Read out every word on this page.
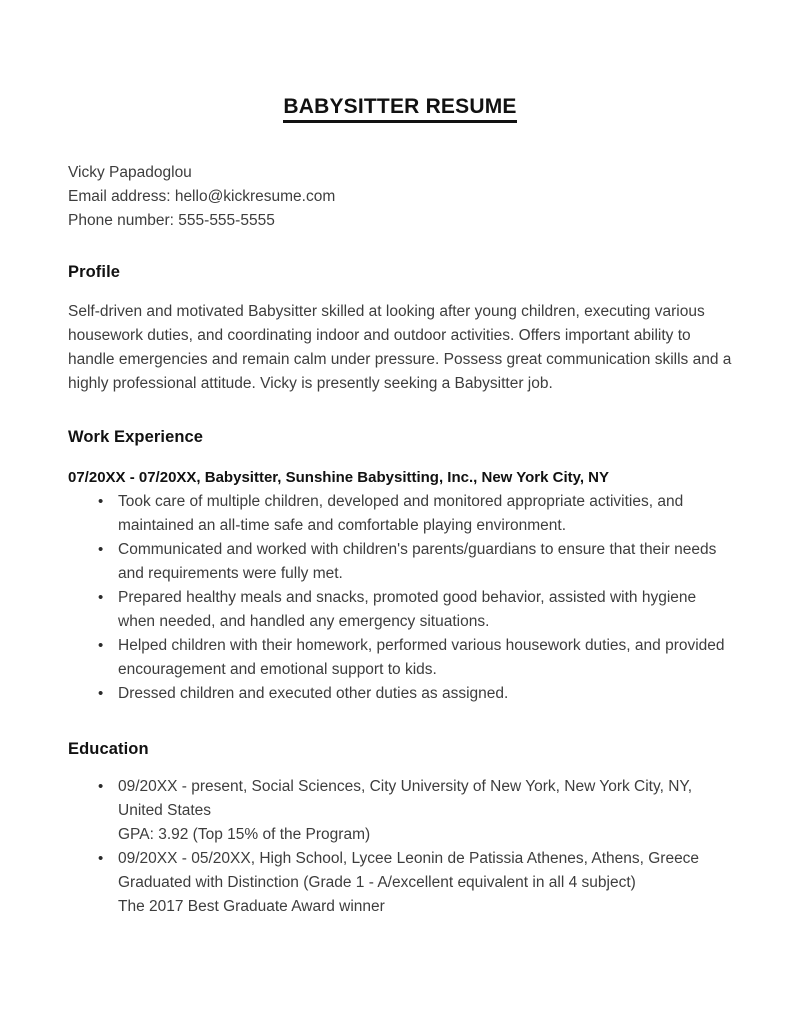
BABYSITTER RESUME
Vicky Papadoglou
Email address: hello@kickresume.com
Phone number: 555-555-5555
Profile

Self-driven and motivated Babysitter skilled at looking after young children, executing various housework duties, and coordinating indoor and outdoor activities. Offers important ability to handle emergencies and remain calm under pressure. Possess great communication skills and a highly professional attitude. Vicky is presently seeking a Babysitter job.

Work Experience
07/20XX - 07/20XX, Babysitter, Sunshine Babysitting, Inc., New York City, NY
• Took care of multiple children, developed and monitored appropriate activities, and maintained an all-time safe and comfortable playing environment.
• Communicated and worked with children's parents/guardians to ensure that their needs and requirements were fully met.
• Prepared healthy meals and snacks, promoted good behavior, assisted with hygiene when needed, and handled any emergency situations.
• Helped children with their homework, performed various housework duties, and provided encouragement and emotional support to kids.
• Dressed children and executed other duties as assigned.
Education
• 09/20XX - present, Social Sciences, City University of New York, New York City, NY, United States
GPA: 3.92 (Top 15% of the Program)
• 09/20XX - 05/20XX, High School, Lycee Leonin de Patissia Athenes, Athens, Greece
Graduated with Distinction (Grade 1 - A/excellent equivalent in all 4 subject)
The 2017 Best Graduate Award winner
